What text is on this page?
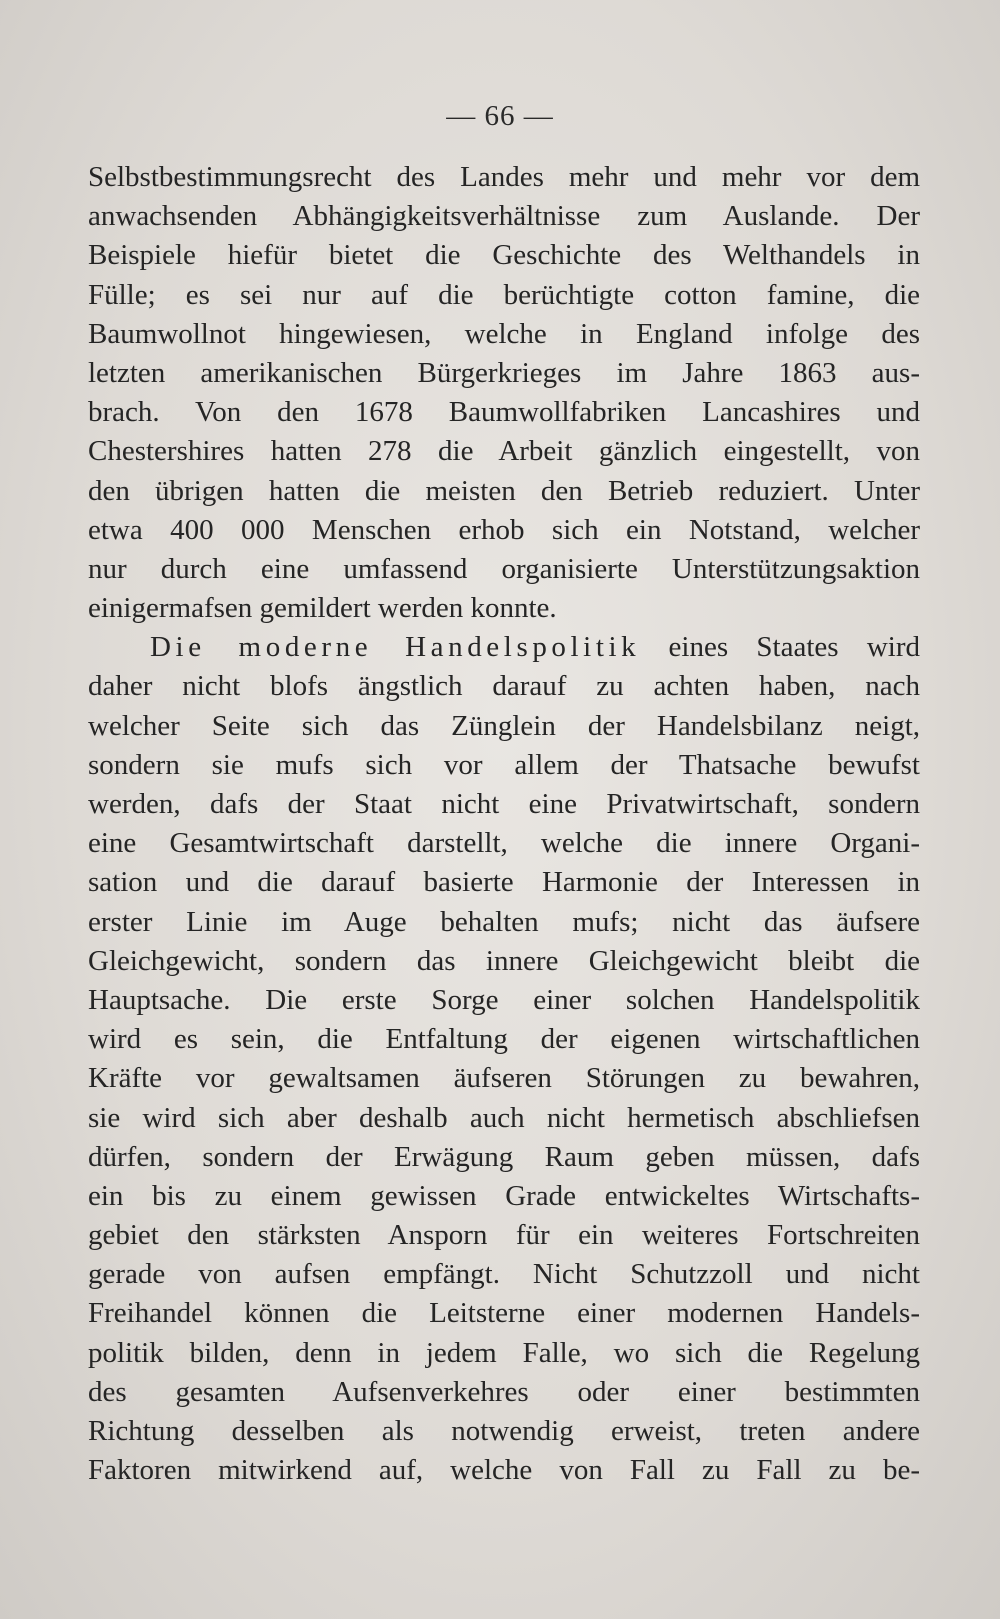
— 66 —
Selbstbestimmungsrecht des Landes mehr und mehr vor dem
anwachsenden Abhängigkeitsverhältnisse zum Auslande. Der
Beispiele hiefür bietet die Geschichte des Welthandels in
Fülle; es sei nur auf die berüchtigte cotton famine, die
Baumwollnot hingewiesen, welche in England infolge des
letzten amerikanischen Bürgerkrieges im Jahre 1863 aus-
brach. Von den 1678 Baumwollfabriken Lancashires und
Chestershires hatten 278 die Arbeit gänzlich eingestellt, von
den übrigen hatten die meisten den Betrieb reduziert. Unter
etwa 400 000 Menschen erhob sich ein Notstand, welcher
nur durch eine umfassend organisierte Unterstützungsaktion
einigermafsen gemildert werden konnte.
Die moderne Handelspolitik eines Staates wird
daher nicht blofs ängstlich darauf zu achten haben, nach
welcher Seite sich das Zünglein der Handelsbilanz neigt,
sondern sie mufs sich vor allem der Thatsache bewufst
werden, dafs der Staat nicht eine Privatwirtschaft, sondern
eine Gesamtwirtschaft darstellt, welche die innere Organi-
sation und die darauf basierte Harmonie der Interessen in
erster Linie im Auge behalten mufs; nicht das äufsere
Gleichgewicht, sondern das innere Gleichgewicht bleibt die
Hauptsache. Die erste Sorge einer solchen Handelspolitik
wird es sein, die Entfaltung der eigenen wirtschaftlichen
Kräfte vor gewaltsamen äufseren Störungen zu bewahren,
sie wird sich aber deshalb auch nicht hermetisch abschliefsen
dürfen, sondern der Erwägung Raum geben müssen, dafs
ein bis zu einem gewissen Grade entwickeltes Wirtschafts-
gebiet den stärksten Ansporn für ein weiteres Fortschreiten
gerade von aufsen empfängt. Nicht Schutzzoll und nicht
Freihandel können die Leitsterne einer modernen Handels-
politik bilden, denn in jedem Falle, wo sich die Regelung
des gesamten Aufsenverkehres oder einer bestimmten
Richtung desselben als notwendig erweist, treten andere
Faktoren mitwirkend auf, welche von Fall zu Fall zu be-
